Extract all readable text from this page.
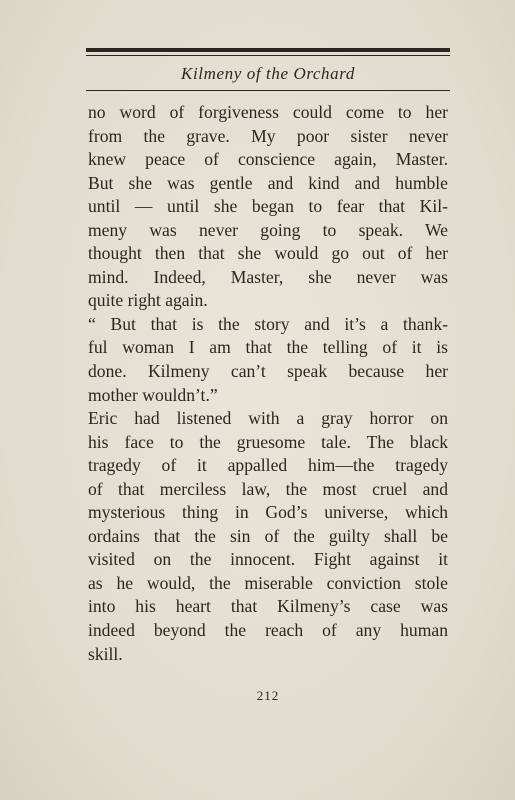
Kilmeny of the Orchard
no word of forgiveness could come to her
from the grave. My poor sister never
knew peace of conscience again, Master.
But she was gentle and kind and humble
until — until she began to fear that Kil-
meny was never going to speak. We
thought then that she would go out of her
mind. Indeed, Master, she never was
quite right again.
“ But that is the story and it’s a thank-
ful woman I am that the telling of it is
done. Kilmeny can’t speak because her
mother wouldn’t.”
Eric had listened with a gray horror on
his face to the gruesome tale. The black
tragedy of it appalled him—the tragedy
of that merciless law, the most cruel and
mysterious thing in God’s universe, which
ordains that the sin of the guilty shall be
visited on the innocent. Fight against it
as he would, the miserable conviction stole
into his heart that Kilmeny’s case was
indeed beyond the reach of any human
skill.
212
